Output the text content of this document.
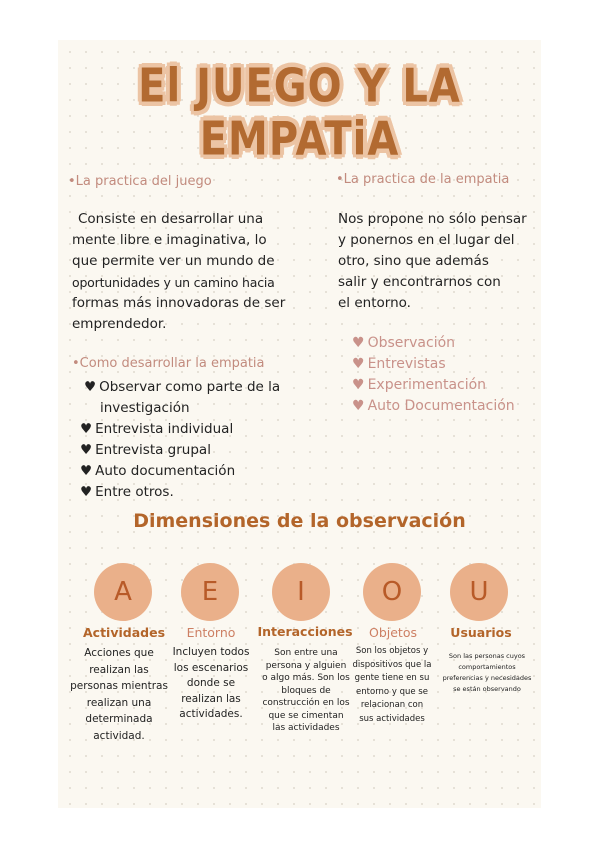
El JUEGO Y LA EMPATiA
•La practica del juego
Consiste en desarrollar una
mente libre e imaginativa, lo
que permite ver un mundo de
oportunidades y un camino hacia
formas más innovadoras de ser
emprendedor.
•La practica de la empatia
Nos propone no sólo pensar
y ponernos en el lugar del
otro, sino que además
salir y encontrarnos con
el entorno.
♥ Observación
♥ Entrevistas
♥ Experimentación
♥ Auto Documentación
•Como desarrollar la empatia
♥ Observar como parte de la
investigación
♥ Entrevista individual
♥ Entrevista grupal
♥ Auto documentación
♥ Entre otros.
Dimensiones de la observación
A	E	I	O	U
Actividades	Entorno	Interacciones	Objetos	Usuarios
Acciones que
realizan las
personas mientras
realizan una
determinada
actividad.
Incluyen todos
los escenarios
donde se
realizan las
actividades.
Son entre una
persona y alguien
o algo más. Son los
bloques de
construcción en los
que se cimentan
las actividades
Son los objetos y
dispositivos que la
gente tiene en su
entorno y que se
relacionan con
sus actividades
Son las personas cuyos
comportamientos
preferencias y necesidades
se están observando
